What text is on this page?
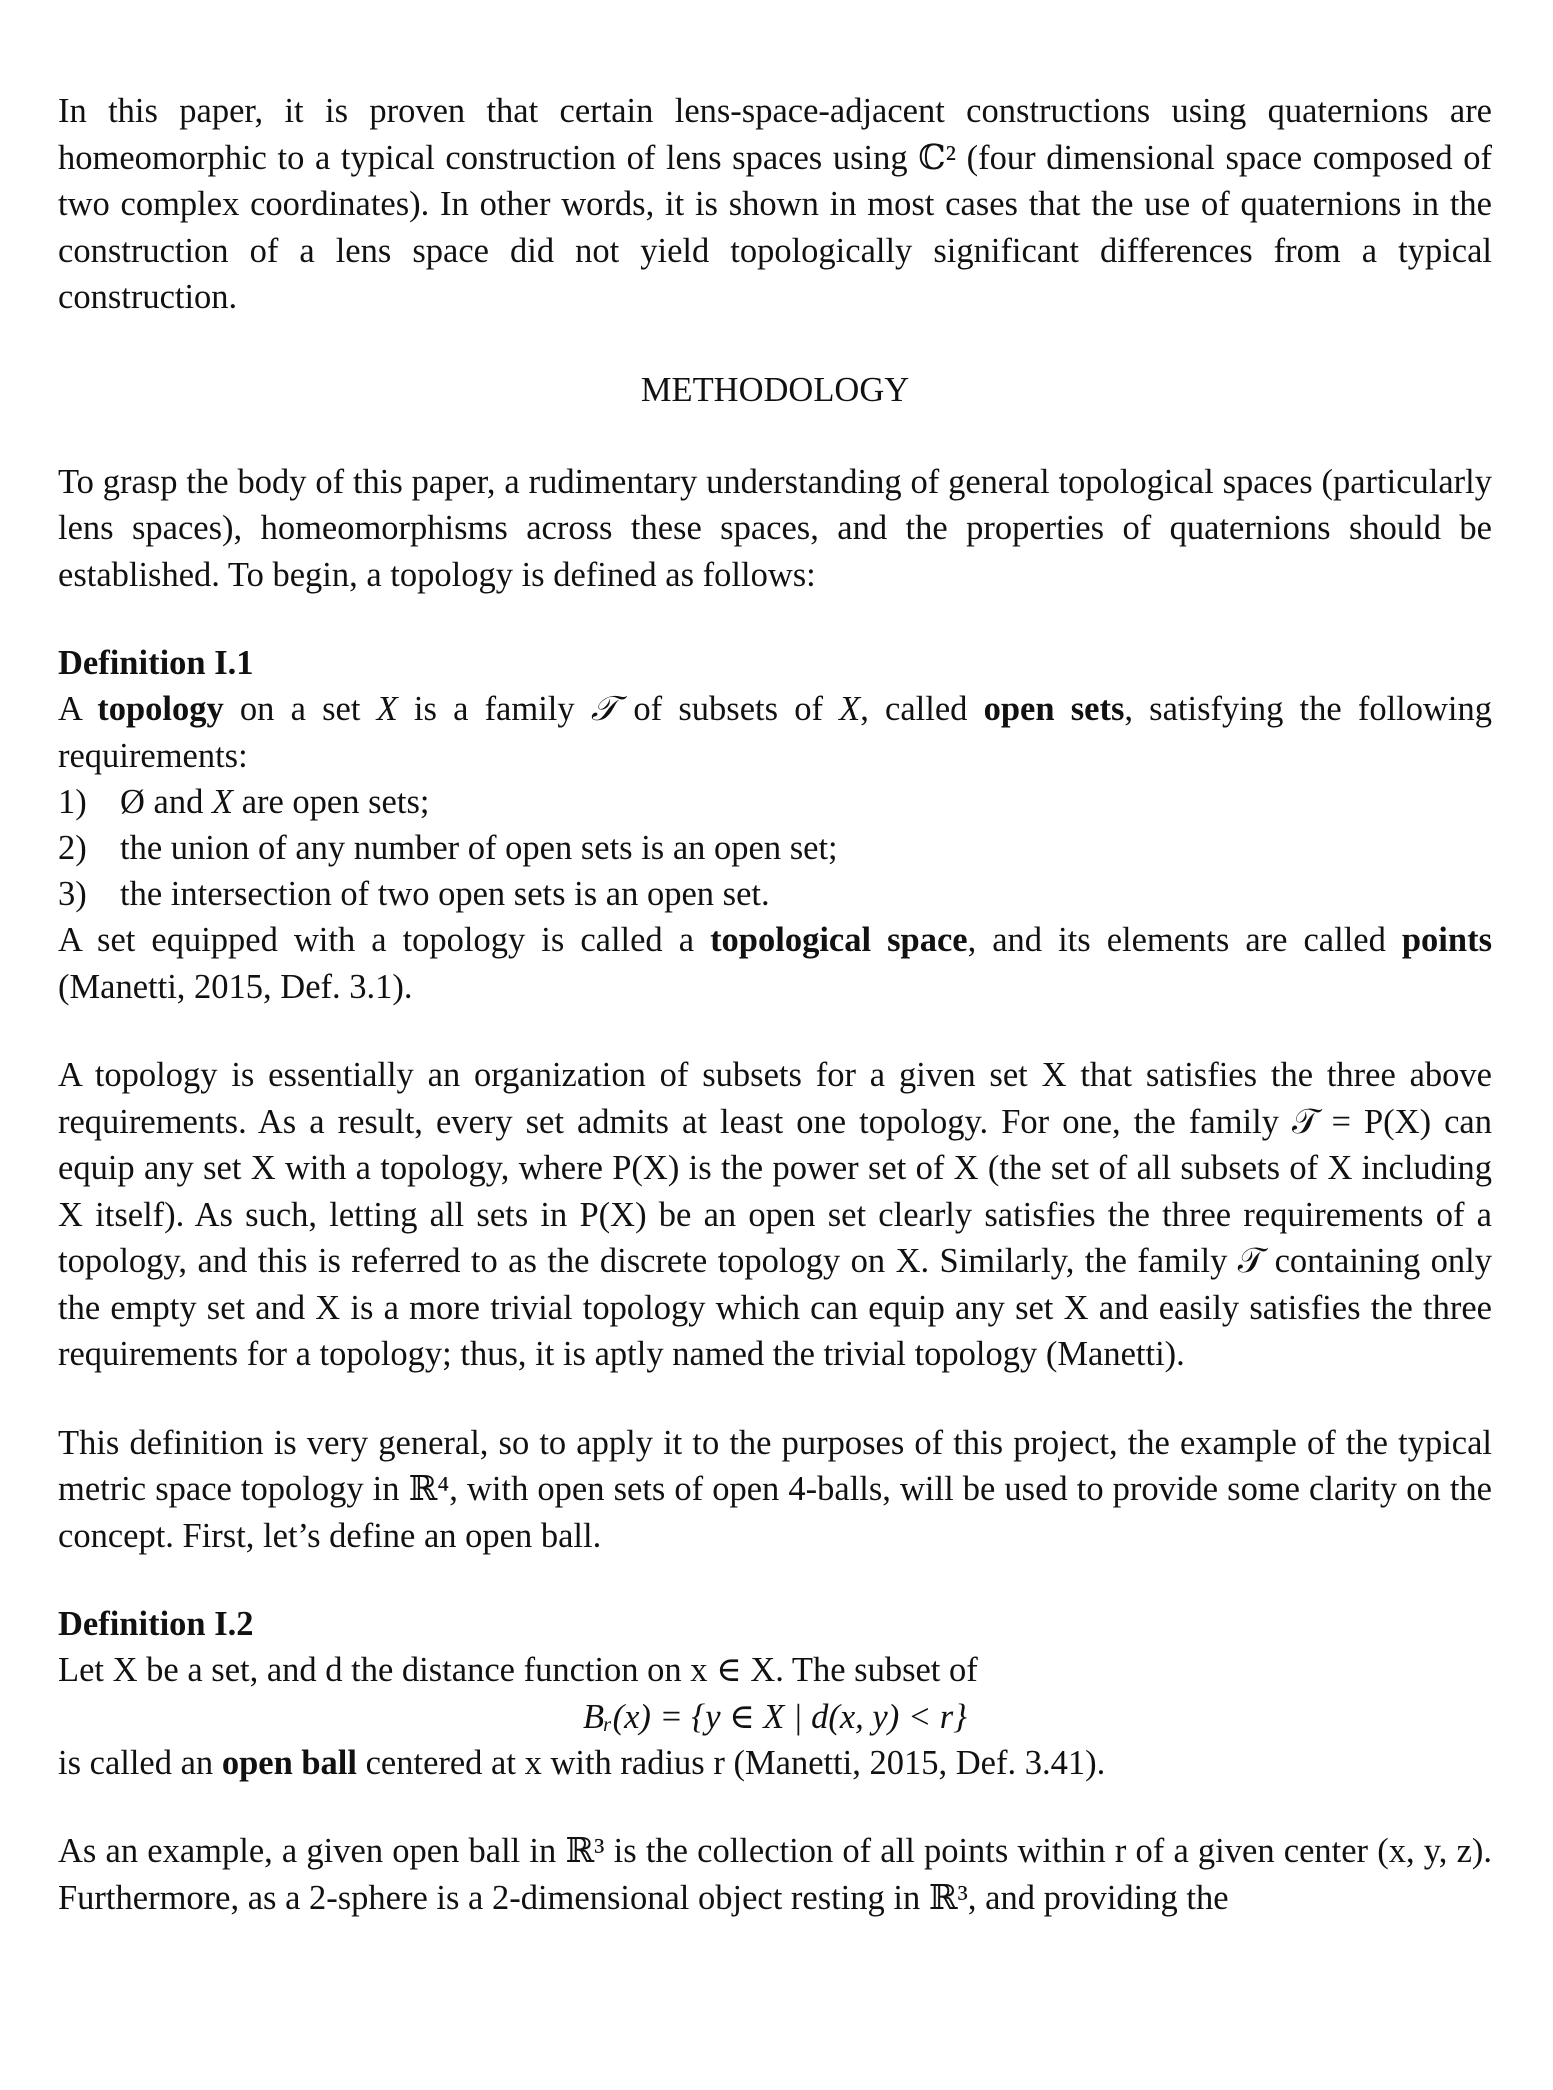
In this paper, it is proven that certain lens-space-adjacent constructions using quaternions are homeomorphic to a typical construction of lens spaces using ℂ² (four dimensional space composed of two complex coordinates). In other words, it is shown in most cases that the use of quaternions in the construction of a lens space did not yield topologically significant differences from a typical construction.

METHODOLOGY

To grasp the body of this paper, a rudimentary understanding of general topological spaces (particularly lens spaces), homeomorphisms across these spaces, and the properties of quaternions should be established. To begin, a topology is defined as follows:

Definition I.1

A topology on a set X is a family 𝒯 of subsets of X, called open sets, satisfying the following requirements:

1) Ø and X are open sets;
2) the union of any number of open sets is an open set;
3) the intersection of two open sets is an open set.

A set equipped with a topology is called a topological space, and its elements are called points (Manetti, 2015, Def. 3.1).

A topology is essentially an organization of subsets for a given set X that satisfies the three above requirements. As a result, every set admits at least one topology. For one, the family 𝒯 = P(X) can equip any set X with a topology, where P(X) is the power set of X (the set of all subsets of X including X itself). As such, letting all sets in P(X) be an open set clearly satisfies the three requirements of a topology, and this is referred to as the discrete topology on X. Similarly, the family 𝒯 containing only the empty set and X is a more trivial topology which can equip any set X and easily satisfies the three requirements for a topology; thus, it is aptly named the trivial topology (Manetti).

This definition is very general, so to apply it to the purposes of this project, the example of the typical metric space topology in ℝ⁴, with open sets of open 4-balls, will be used to provide some clarity on the concept. First, let’s define an open ball.

Definition I.2

Let X be a set, and d the distance function on x ∈ X. The subset of

Bᵣ(x) = {y ∈ X | d(x, y) < r}

is called an open ball centered at x with radius r (Manetti, 2015, Def. 3.41).

As an example, a given open ball in ℝ³ is the collection of all points within r of a given center (x, y, z). Furthermore, as a 2-sphere is a 2-dimensional object resting in ℝ³, and providing the
